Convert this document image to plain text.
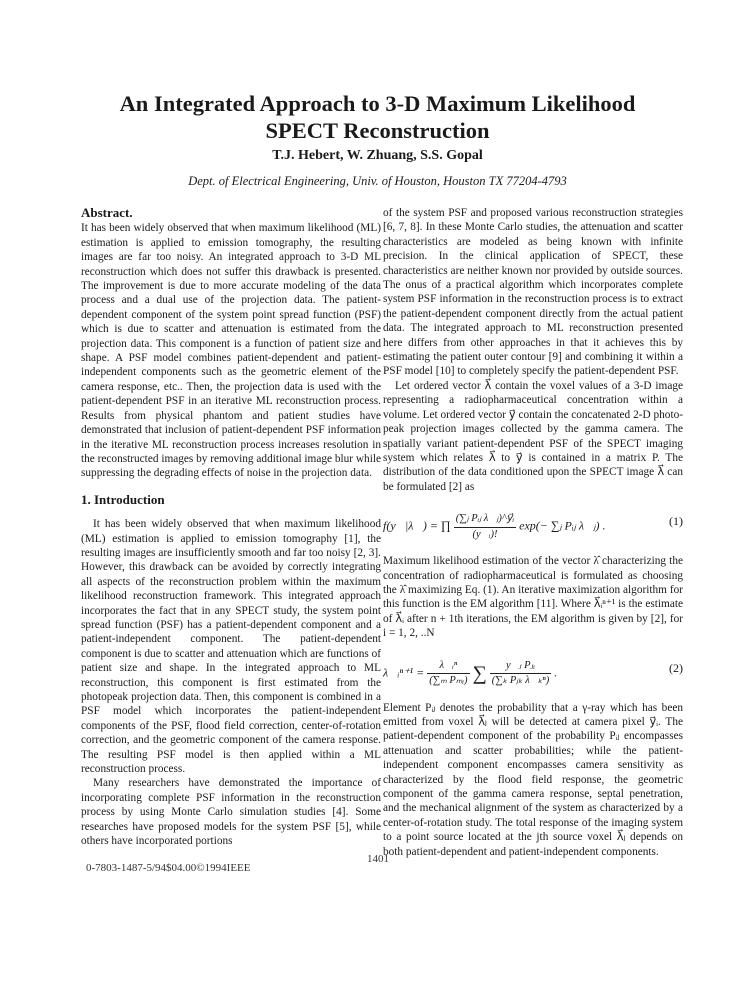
An Integrated Approach to 3-D Maximum Likelihood
SPECT Reconstruction
T.J. Hebert, W. Zhuang, S.S. Gopal
Dept. of Electrical Engineering, Univ. of Houston, Houston TX 77204-4793
Abstract.

It has been widely observed that when maximum likelihood (ML) estimation is applied to emission tomography, the resulting images are far too noisy. An integrated approach to 3-D ML reconstruction which does not suffer this drawback is presented. The improvement is due to more accurate modeling of the data process and a dual use of the projection data. The patient-dependent component of the system point spread function (PSF) which is due to scatter and attenuation is estimated from the projection data. This component is a function of patient size and shape. A PSF model combines patient-dependent and patient-independent components such as the geometric element of the camera response, etc.. Then, the projection data is used with the patient-dependent PSF in an iterative ML reconstruction process. Results from physical phantom and patient studies have demonstrated that inclusion of patient-dependent PSF information in the iterative ML reconstruction process increases resolution in the reconstructed images by removing additional image blur while suppressing the degrading effects of noise in the projection data.

1. Introduction

It has been widely observed that when maximum likelihood (ML) estimation is applied to emission tomography [1], the resulting images are insufficiently smooth and far too noisy [2, 3]. However, this drawback can be avoided by correctly integrating all aspects of the reconstruction problem within the maximum likelihood reconstruction framework. This integrated approach incorporates the fact that in any SPECT study, the system point spread function (PSF) has a patient-dependent component and a patient-independent component. The patient-dependent component is due to scatter and attenuation which are functions of patient size and shape. In the integrated approach to ML reconstruction, this component is first estimated from the photopeak projection data. Then, this component is combined in a PSF model which incorporates the patient-independent components of the PSF, flood field correction, center-of-rotation correction, and the geometric component of the camera response. The resulting PSF model is then applied within a ML reconstruction process.

Many researchers have demonstrated the importance of incorporating complete PSF information in the reconstruction process by using Monte Carlo simulation studies [4]. Some researches have proposed models for the system PSF [5], while others have incorporated portions

of the system PSF and proposed various reconstruction strategies [6, 7, 8]. In these Monte Carlo studies, the attenuation and scatter characteristics are modeled as being known with infinite precision. In the clinical application of SPECT, these characteristics are neither known nor provided by outside sources. The onus of a practical algorithm which incorporates complete system PSF information in the reconstruction process is to extract the patient-dependent component directly from the actual patient data. The integrated approach to ML reconstruction presented here differs from other approaches in that it achieves this by estimating the patient outer contour [9] and combining it within a PSF model [10] to completely specify the patient-dependent PSF.

Let ordered vector λ⃗ contain the voxel values of a 3-D image representing a radiopharmaceutical concentration within a volume. Let ordered vector y⃗ contain the concatenated 2-D photo-peak projection images collected by the gamma camera. The spatially variant patient-dependent PSF of the SPECT imaging system which relates λ⃗ to y⃗ is contained in a matrix P. The distribution of the data conditioned upon the SPECT image λ⃗ can be formulated [2] as

f(y⃗|λ⃗) = ∏ $\frac{\text{(∑ⱼ Pᵢⱼ λ⃗ⱼ)\textasciicircum{}y⃗ᵢ}}{\text{(y⃗ᵢ)!}} \exp(-$ ∑ⱼ Pᵢⱼ λ⃗ⱼ) .	(1)

Maximum likelihood estimation of the vector λ̂ characterizing the concentration of radiopharmaceutical is formulated as choosing the λ̂ maximizing Eq. (1). An iterative maximization algorithm for this function is the EM algorithm [11]. Where λ⃗ᵢⁿ⁺¹ is the estimate of λ⃗ᵢ after n + 1th iterations, the EM algorithm is given by [2], for i = 1, 2, ..N

λ⃗ᵢⁿ⁺¹ = $\frac{\text{λ⃗ᵢⁿ}}{\text{(∑ₘ Pₘᵢ)}}$ ∑ $\frac{\text{y⃗ⱼ Pⱼᵢ}}{\text{(∑ₖ Pⱼₖ λ⃗ₖⁿ)}}$ .	(2)

Element Pᵢⱼ denotes the probability that a γ-ray which has been emitted from voxel λ⃗ⱼ will be detected at camera pixel y⃗ᵢ. The patient-dependent component of the probability Pᵢⱼ encompasses attenuation and scatter probabilities; while the patient-independent component encompasses camera sensitivity as characterized by the flood field response, the geometric component of the gamma camera response, septal penetration, and the mechanical alignment of the system as characterized by a center-of-rotation study. The total response of the imaging system to a point source located at the jth source voxel λ⃗ⱼ depends on both patient-dependent and patient-independent components.

1401
0-7803-1487-5/94$04.00©1994IEEE
